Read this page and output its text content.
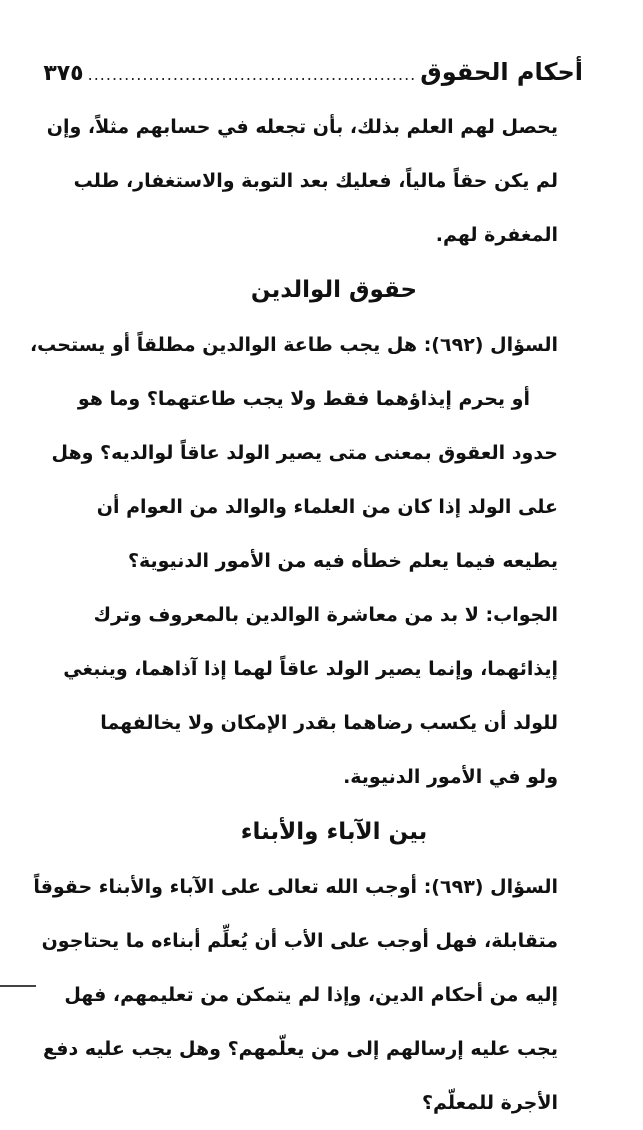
أحكام الحقوق
......................................................
٣٧٥
يحصل لهم العلم بذلك، بأن تجعله في حسابهم مثلاً، وإن
لم يكن حقاً مالياً، فعليك بعد التوبة والاستغفار، طلب
المغفرة لهم.
حقوق الوالدين
السؤال (٦٩٢): هل يجب طاعة الوالدين مطلقاً أو يستحب،
أو يحرم إيذاؤهما فقط ولا يجب طاعتهما؟ وما هو
حدود العقوق بمعنى متى يصير الولد عاقاً لوالديه؟ وهل
على الولد إذا كان من العلماء والوالد من العوام أن
يطيعه فيما يعلم خطأه فيه من الأمور الدنيوية؟
الجواب: لا بد من معاشرة الوالدين بالمعروف وترك
إيذائهما، وإنما يصير الولد عاقاً لهما إذا آذاهما، وينبغي
للولد أن يكسب رضاهما بقدر الإمكان ولا يخالفهما
ولو في الأمور الدنيوية.
بين الآباء والأبناء
السؤال (٦٩٣): أوجب الله تعالى على الآباء والأبناء حقوقاً
متقابلة، فهل أوجب على الأب أن يُعلِّم أبناءه ما يحتاجون
إليه من أحكام الدين، وإذا لم يتمكن من تعليمهم، فهل
يجب عليه إرسالهم إلى من يعلّمهم؟ وهل يجب عليه دفع
الأجرة للمعلّم؟
